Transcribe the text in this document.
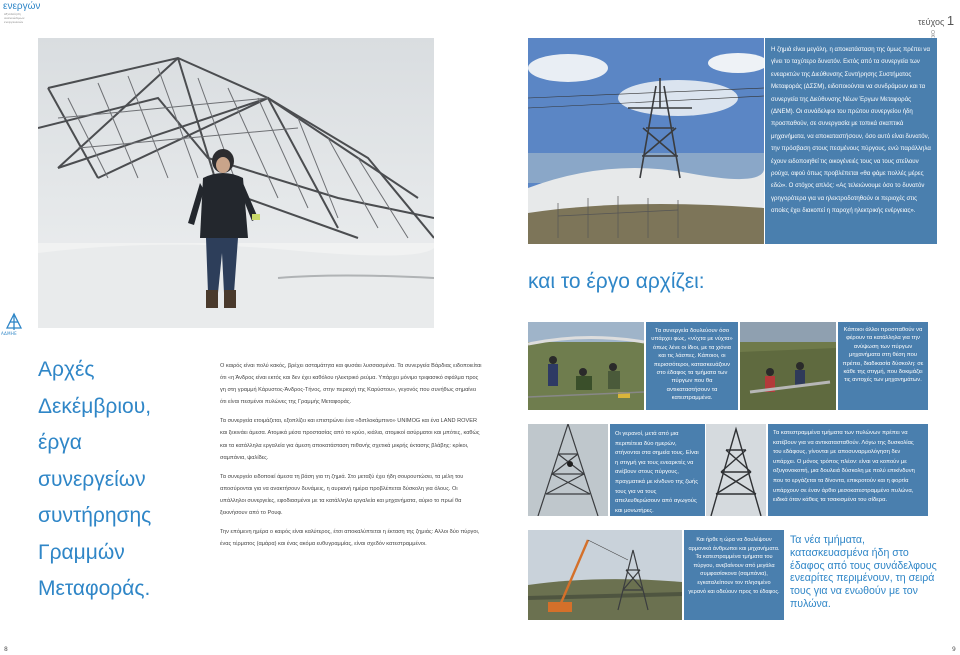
ενεργών
Αξιοποίηση ανανεώσιμων ενεργειακών	τεύχος 1
Η ζημιά είναι μεγάλη, η αποκατάσταση της όμως πρέπει να γίνει το ταχύτερο δυνατόν. Εκτός από τα συνεργεία των ενεαρκτών της Διεύθυνσης Συντήρησης Συστήματος Μεταφοράς (ΔΣΣΜ), ειδοποιούνται να συνδράμουν και τα συνεργεία της Διεύθυνσης Νέων Έργων Μεταφοράς (ΔΝΕΜ). Οι συνάδελφοι του πρώτου συνεργείου ήδη προσπαθούν, σε συνεργασία με τοπικά σκαπτικά μηχανήματα, να αποκαταστήσουν, όσο αυτό είναι δυνατόν, την πρόσβαση στους πεσμένους πύργους, ενώ παράλληλα έχουν ειδοποιηθεί τις οικογένειές τους να τους στείλουν ρούχα, αφού όπως προβλέπεται «θα φάμε πολλές μέρες εδώ». Ο στόχος απλός: «Ας τελειώνουμε όσο το δυνατόν γρηγορότερα για να ηλεκτροδοτηθούν οι περιοχές στις οποίες έχει διακοπεί η παροχή ηλεκτρικής ενέργειας».
και το έργο αρχίζει:
ΑΔΜΗΕ
Αρχές
Δεκέμβριου,
έργα
συνεργείων
συντήρησης
Γραμμών
Μεταφοράς.

Ο καιρός είναι πολύ κακός, βρέχει ασταμάτητα και φυσάει λυσσασμένα. Τα συνεργεία Βάρδιας ειδοποιείται ότι «η Άνδρος είναι εκτός και δεν έχει καθόλου ηλεκτρικό ρεύμα. Υπάρχει μόνιμο τριφασικό σφάλμα προς γη στη γραμμή Κάρυστος-Άνδρος-Τήνος, στην περιοχή της Καρύστου», γεγονός που συνήθως σημαίνει ότι είναι πεσμένοι πυλώνες της Γραμμής Μεταφοράς.

Τα συνεργεία ετοιμάζεται, εξοπλίζει και επιστρώνει ένα «διπλοκάμπινο» UNIMOG και ένα LAND ROVER και ξεκινάει άμεσα. Ατομικά μέσα προστασίας από το κρύο, κιάλια, ατομικοί ασύρματοι και μπότες, καθώς και τα κατάλληλα εργαλεία για άμεση αποκατάσταση πιθανής σχετικά μικρής έκτασης βλάβης: κρίκοι, σαμπάνια, ψαλίδες.

Τα συνεργείο ειδοποιεί άμεσα τη βάση για τη ζημιά. Στο μεταξύ έχει ήδη σουρουπώσει, τα μέλη του αποσύρονται για να ανακτήσουν δυνάμεις, η αυριανή ημέρα προβλέπεται δύσκολη για όλους. Οι υπάλληλοι συνεργείες, εφοδιασμένοι με τα κατάλληλα εργαλεία και μηχανήματα, αύριο το πρωί θα ξεκινήσουν από το Ρουφ.

Την επόμενη ημέρα ο καιρός είναι καλύτερος, έτσι αποκαλύπτεται η έκταση της ζημιάς: Αλλοι δύο πύργοι, ένας τέρματος (αμάρα) και ένας ακόμα ευθυγραμμίας, είναι σχεδόν κατεστραμμένοι.

Τα συνεργεία δουλεύουν όσο υπάρχει φως, «νύχτα με νύχτα» όπως λένε οι ίδιοι, με τα χιόνια και τις λάσπες. Κάποιοι, οι περισσότεροι, κατασκευάζουν στο έδαφος τα τμήματα των πύργων που θα αντικαταστήσουν τα κατεστραμμένα.
Κάποιοι άλλοι προσπαθούν να φέρουν τα κατάλληλα για την ανύψωση των πύργων μηχανήματα στη θέση που πρέπει, διαδικασία δύσκολη: σε κάθε της στιγμή, που δοκιμάζει τις αντοχές των μηχανημάτων.
Οι γερανοί, μετά από μια περιπέτεια δύο ημερών, στήνονται στα σημεία τους. Είναι η στιγμή για τους ενεαρκτές να ανέβουν στους πύργους, πραγματικά με κίνδυνο της ζωής τους για να τους απελευθερώσουν από αγωγούς και μονωτήρες.
Τα κατεστραμμένα τμήματα των πυλώνων πρέπει να κατέβουν για να αντικατασταθούν. Λόγω της δυσκολίας του εδάφους, γίνονται με αποσυναρμολόγηση δεν υπάρχει. Ο μόνος τρόπος πλέον: είναι να κοπούν με οξυγονοκοπή, μια δουλειά δύσκολη με πολύ επικίνδυνη που το εργάζεται τα δίνοντα, επικροτούν και η φορτία υπάρχουν σε έναν άρθιο μεσοκατεστραμμένο πυλώνα, ειδικά όταν κάθεις τα τσακισμένα του σίδερα.
Και ήρθε η ώρα να δουλέψουν αρμονικά άνθρωποι και μηχανήματα. Τα κατεστραμμένα τμήματα του πύργου, ανεβαίνουν από μεγάλα συμφασίσκονα (σαμπάνια), εγκαταλείπουν τον πλησιμένο γερανό και οδεύουν προς το έδαφος.
Τα νέα τμήματα, κατασκευασμένα ήδη στο έδαφος από τους συνάδελφους ενεαρίτες περιμένουν, τη σειρά τους για να ενωθούν με τον πυλώνα.
8	9
